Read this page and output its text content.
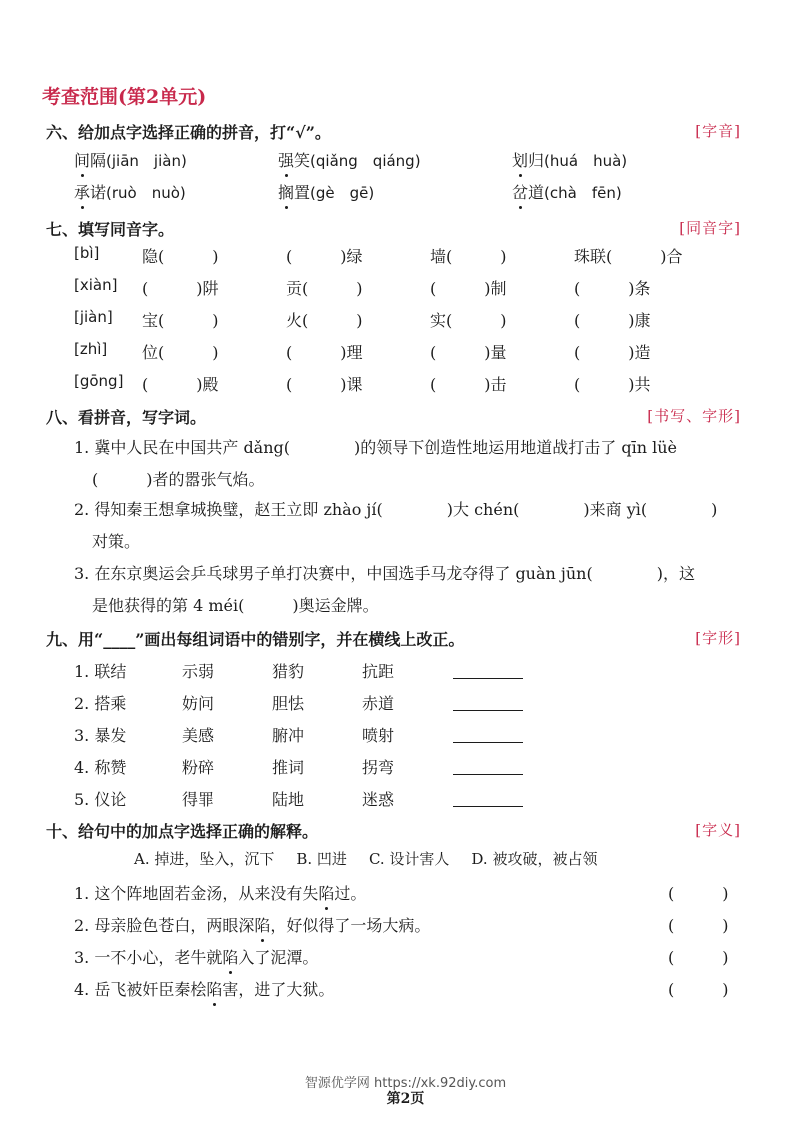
考查范围(第2单元)
六、给加点字选择正确的拼音，打“√”。	[字音]
间隔(jiān　jiàn)	强笑(qiǎng　qiáng)	划归(huá　huà)
承诺(ruò　nuò)	搁置(gè　gē)	岔道(chà　fēn)
七、填写同音字。	[同音字]
[bì]	隐(　　　)	(　　　)绿	墙(　　　)	珠联(　　　)合
[xiàn] (　　　)阱	贡(　　　)	(　　　)制	(　　　)条
[jiàn] 宝(　　　)	火(　　　)	实(　　　)	(　　　)康
[zhì] 位(　　　)	(　　　)理	(　　　)量	(　　　)造
[gōng] (　　　)殿	(　　　)课	(　　　)击	(　　　)共
八、看拼音，写字词。	[书写、字形]
1. 冀中人民在中国共产 dǎng(　　　　)的领导下创造性地运用地道战打击了 qīn lüè
(　　　)者的嚣张气焰。
2. 得知秦王想拿城换璧，赵王立即 zhào jí(　　　　)大 chén(　　　　)来商 yì(　　　　)
对策。
3. 在东京奥运会乒乓球男子单打决赛中，中国选手马龙夺得了 guàn jūn(　　　　)，这
是他获得的第 4 méi(　　　)奥运金牌。
九、用“____”画出每组词语中的错别字，并在横线上改正。	[字形]
1. 联结	示弱	猎豹	抗距
2. 搭乘	妨问	胆怯	赤道
3. 暴发	美感	腑冲	喷射
4. 称赞	粉碎	推词	拐弯
5. 仪论	得罪	陆地	迷惑
十、给句中的加点字选择正确的解释。	[字义]
A. 掉进，坠入，沉下 B. 凹进 C. 设计害人 D. 被攻破，被占领
1. 这个阵地固若金汤，从来没有失陷过。	(　　　)
2. 母亲脸色苍白，两眼深陷，好似得了一场大病。	(　　　)
3. 一不小心，老牛就陷入了泥潭。	(　　　)
4. 岳飞被奸臣秦桧陷害，进了大狱。	(　　　)
智源优学网 https://xk.92diy.com
第2页
